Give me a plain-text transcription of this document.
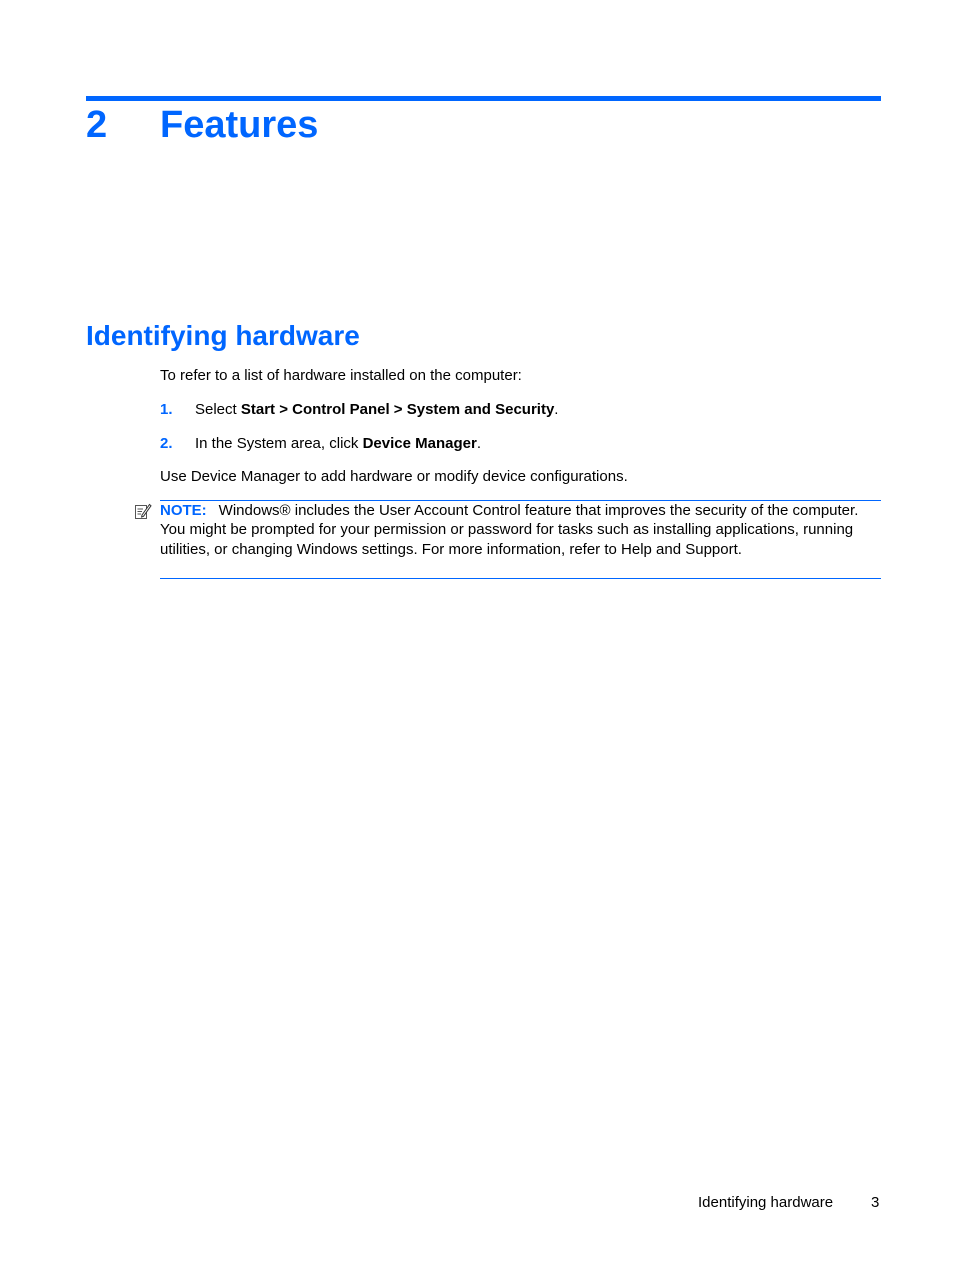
2 Features
Identifying hardware
To refer to a list of hardware installed on the computer:
1. Select Start > Control Panel > System and Security.
2. In the System area, click Device Manager.
Use Device Manager to add hardware or modify device configurations.
NOTE: Windows® includes the User Account Control feature that improves the security of the computer. You might be prompted for your permission or password for tasks such as installing applications, running utilities, or changing Windows settings. For more information, refer to Help and Support.
Identifying hardware	3
